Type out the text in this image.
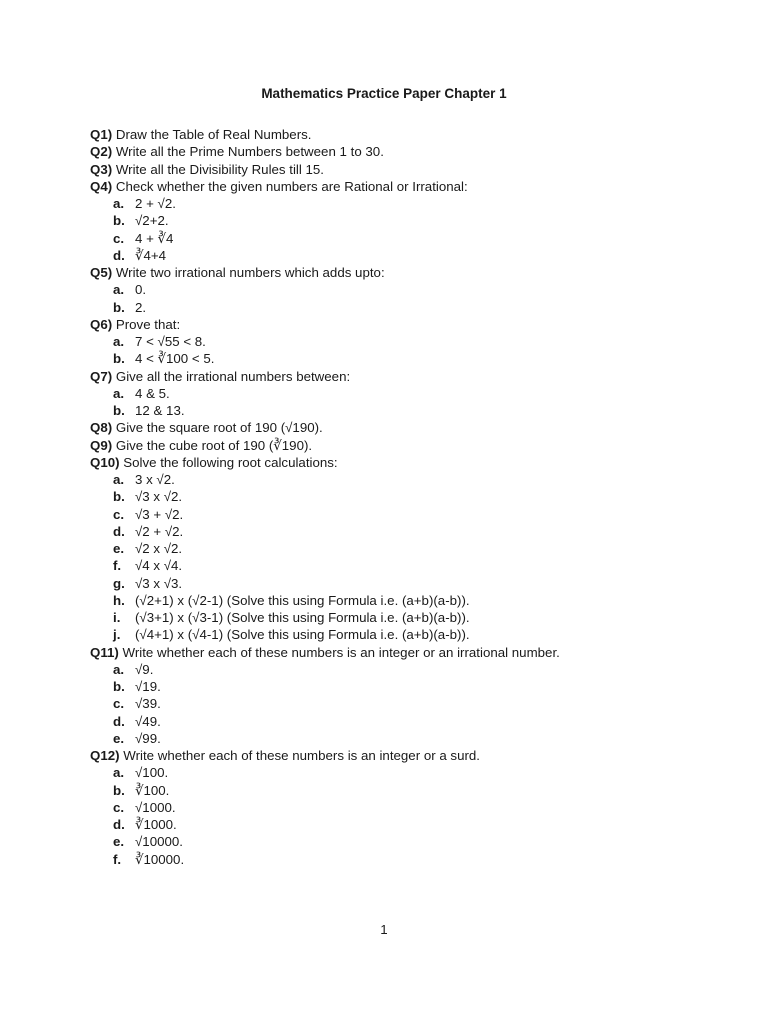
Mathematics Practice Paper Chapter 1
Q1) Draw the Table of Real Numbers.
Q2) Write all the Prime Numbers between 1 to 30.
Q3) Write all the Divisibility Rules till 15.
Q4) Check whether the given numbers are Rational or Irrational:
a. 2 + √2.
b. √2+2.
c. 4 + ∛4
d. ∛4+4
Q5) Write two irrational numbers which adds upto:
a. 0.
b. 2.
Q6) Prove that:
a. 7 < √55 < 8.
b. 4 < ∛100 < 5.
Q7) Give all the irrational numbers between:
a. 4 & 5.
b. 12 & 13.
Q8) Give the square root of 190 (√190).
Q9) Give the cube root of 190 (∛190).
Q10) Solve the following root calculations:
a. 3 x √2.
b. √3 x √2.
c. √3 + √2.
d. √2 + √2.
e. √2 x √2.
f. √4 x √4.
g. √3 x √3.
h. (√2+1) x (√2-1) (Solve this using Formula i.e. (a+b)(a-b)).
i. (√3+1) x (√3-1) (Solve this using Formula i.e. (a+b)(a-b)).
j. (√4+1) x (√4-1) (Solve this using Formula i.e. (a+b)(a-b)).
Q11) Write whether each of these numbers is an integer or an irrational number.
a. √9.
b. √19.
c. √39.
d. √49.
e. √99.
Q12) Write whether each of these numbers is an integer or a surd.
a. √100.
b. ∛100.
c. √1000.
d. ∛1000.
e. √10000.
f. ∛10000.
1
